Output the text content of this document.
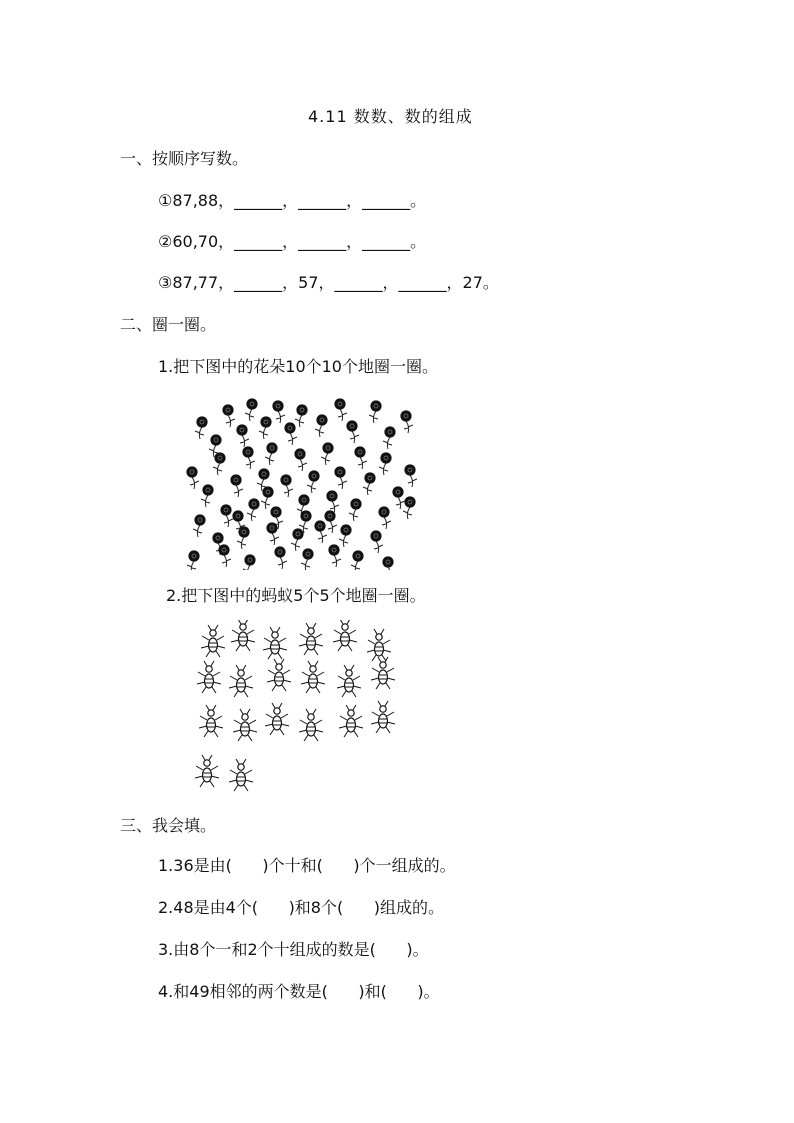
4.11 数数、数的组成
一、按顺序写数。
①87,88，______，______，______。
②60,70，______，______，______。
③87,77，______，57，______，______，27。
二、圈一圈。
1.把下图中的花朵10个10个地圈一圈。
2.把下图中的蚂蚁5个5个地圈一圈。
三、我会填。
1.36是由(      )个十和(      )个一组成的。
2.48是由4个(      )和8个(      )组成的。
3.由8个一和2个十组成的数是(      )。
4.和49相邻的两个数是(      )和(      )。
